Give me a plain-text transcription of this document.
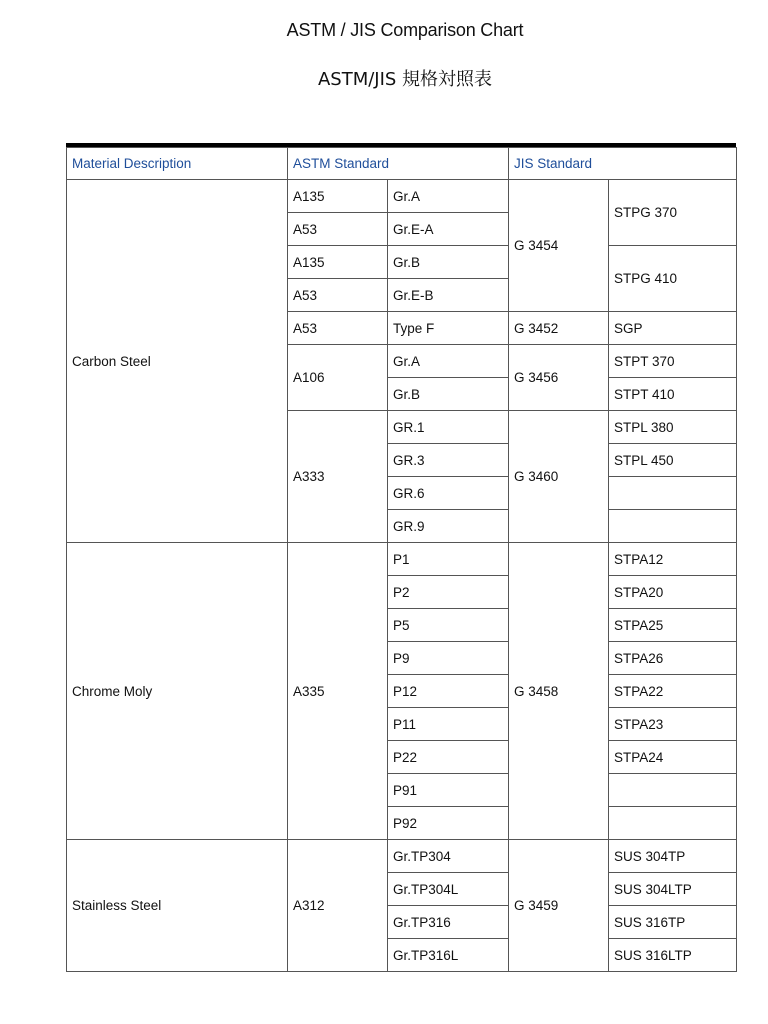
ASTM / JIS Comparison Chart
ASTM/JIS 規格対照表
Material Description	ASTM Standard		JIS Standard	
Carbon Steel	A135	Gr.A	G 3454	STPG 370
	A53	Gr.E-A		
	A135	Gr.B		STPG 410
	A53	Gr.E-B		
	A53	Type F	G 3452	SGP
	A106	Gr.A	G 3456	STPT 370
		Gr.B		STPT 410
	A333	GR.1	G 3460	STPL 380
		GR.3		STPL 450
		GR.6		
		GR.9		
Chrome Moly	A335	P1	G 3458	STPA12
		P2		STPA20
		P5		STPA25
		P9		STPA26
		P12		STPA22
		P11		STPA23
		P22		STPA24
		P91		
		P92		
Stainless Steel	A312	Gr.TP304	G 3459	SUS 304TP
		Gr.TP304L		SUS 304LTP
		Gr.TP316		SUS 316TP
		Gr.TP316L		SUS 316LTP
